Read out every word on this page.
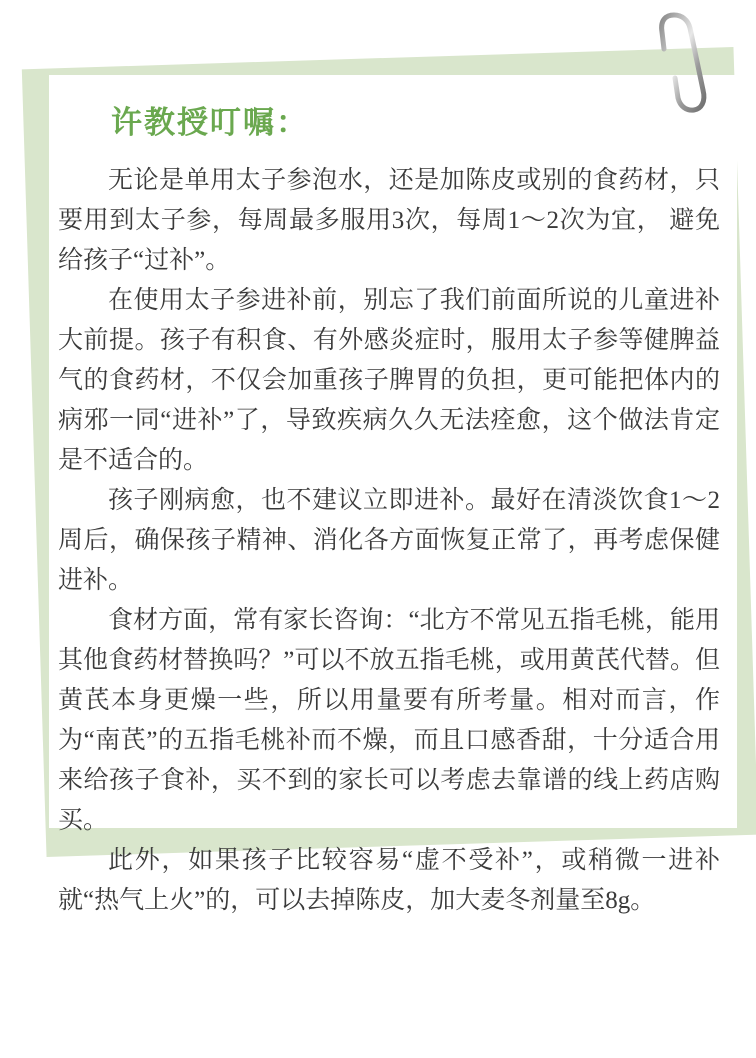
许教授叮嘱：

无论是单用太子参泡水，还是加陈皮或别的食药材，只要用到太子参，每周最多服用3次，每周1～2次为宜， 避免给孩子“过补”。

在使用太子参进补前，别忘了我们前面所说的儿童进补大前提。孩子有积食、有外感炎症时，服用太子参等健脾益气的食药材，不仅会加重孩子脾胃的负担，更可能把体内的病邪一同“进补”了，导致疾病久久无法痊愈，这个做法肯定是不适合的。

孩子刚病愈，也不建议立即进补。最好在清淡饮食1～2周后，确保孩子精神、消化各方面恢复正常了，再考虑保健进补。

食材方面，常有家长咨询：“北方不常见五指毛桃，能用其他食药材替换吗？”可以不放五指毛桃，或用黄芪代替。但黄芪本身更燥一些，所以用量要有所考量。相对而言，作为“南芪”的五指毛桃补而不燥，而且口感香甜，十分适合用来给孩子食补，买不到的家长可以考虑去靠谱的线上药店购买。

此外，如果孩子比较容易“虚不受补”，或稍微一进补就“热气上火”的，可以去掉陈皮，加大麦冬剂量至8g。
